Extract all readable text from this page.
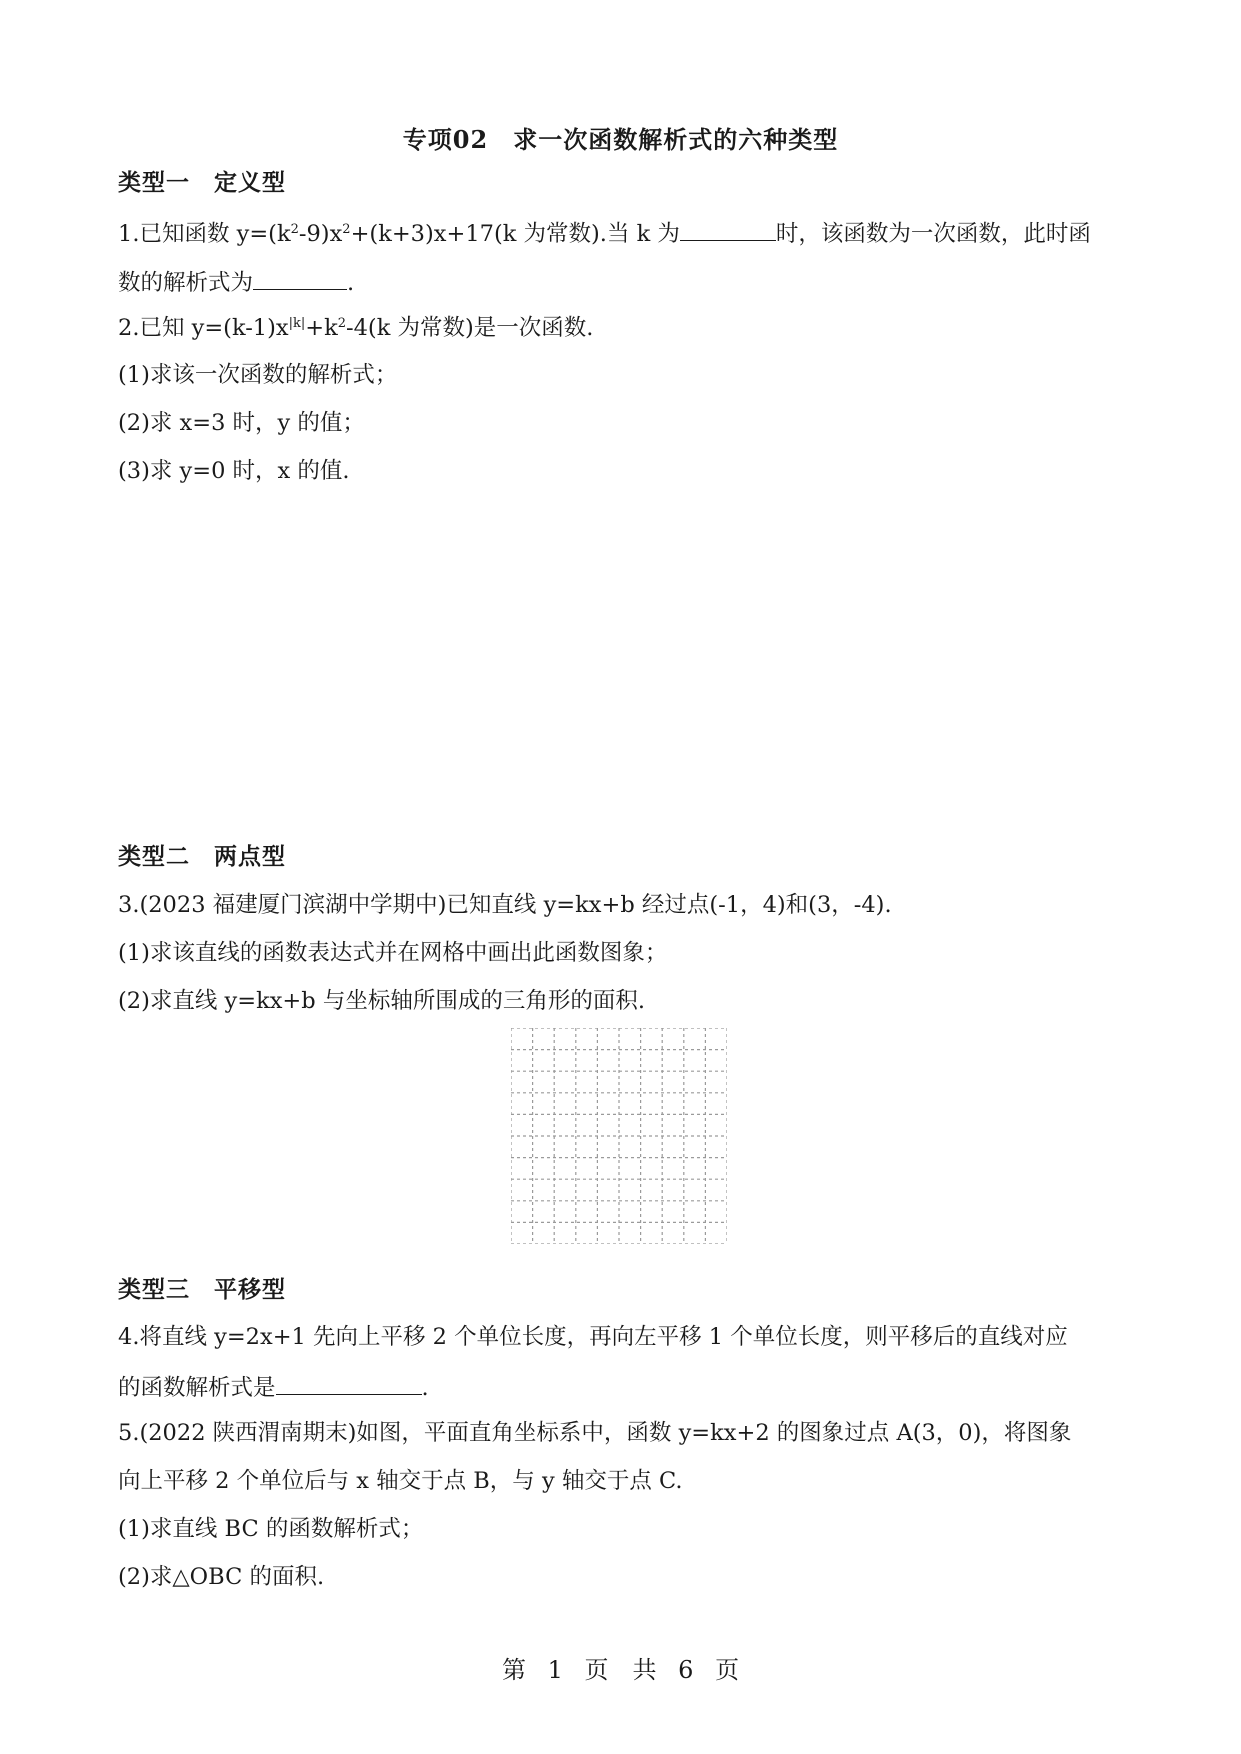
专项02　求一次函数解析式的六种类型
类型一　定义型
1.已知函数 $y=(k^2-9)x^2+(k+3)x+17(k$ 为常数).当 k 为	时，该函数为一次函数，此时函
数的解析式为	.
2.已知 $y=(k-1)x^{|k|}+k^2-4(k$ 为常数)是一次函数.
(1)求该一次函数的解析式；
(2)求 x=3 时，y 的值；
(3)求 y=0 时，x 的值.
类型二　两点型
3.(2023 福建厦门滨湖中学期中)已知直线 y=kx+b 经过点(-1，4)和(3，-4).
(1)求该直线的函数表达式并在网格中画出此函数图象；
(2)求直线 y=kx+b 与坐标轴所围成的三角形的面积.
类型三　平移型
4.将直线 y=2x+1 先向上平移 2 个单位长度，再向左平移 1 个单位长度，则平移后的直线对应
的函数解析式是	.
5.(2022 陕西渭南期末)如图，平面直角坐标系中，函数 y=kx+2 的图象过点 A(3，0)，将图象
向上平移 2 个单位后与 x 轴交于点 B，与 y 轴交于点 C.
(1)求直线 BC 的函数解析式；
(2)求△OBC 的面积.
第 1 页　共 6 页
